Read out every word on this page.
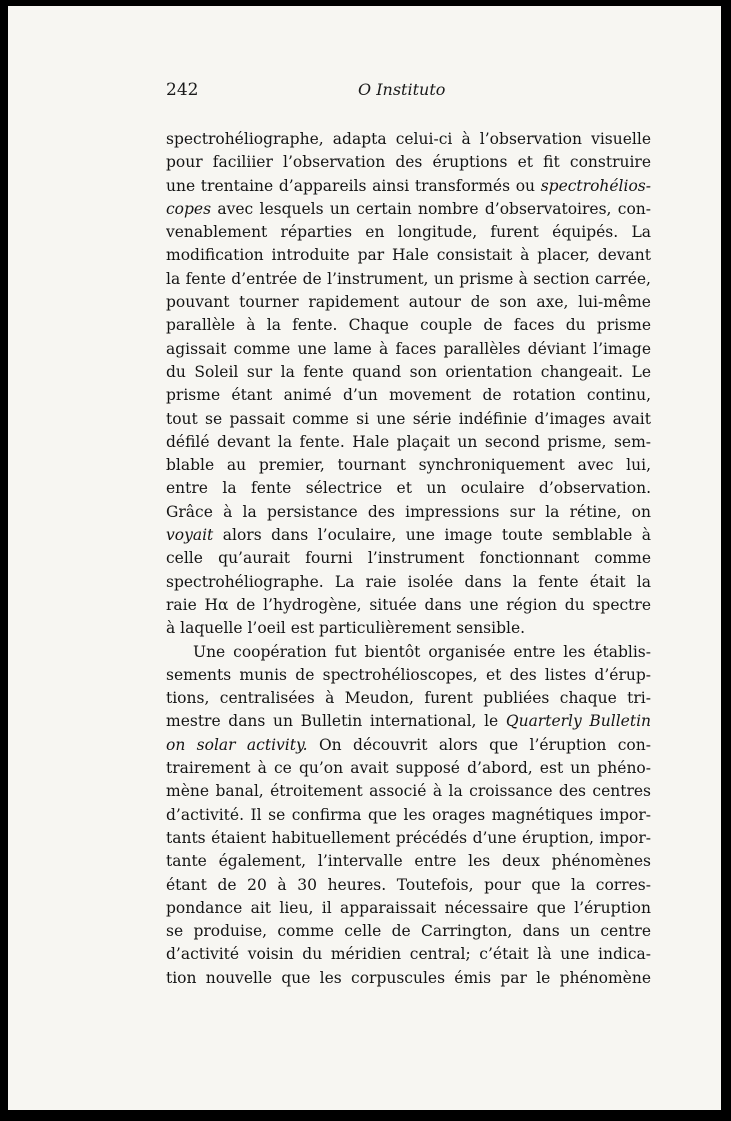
242	O Instituto
spectrohéliographe, adapta celui-ci à l’observation visuelle
pour faciliier l’observation des éruptions et fit construire
une trentaine d’appareils ainsi transformés ou spectrohélios-
copes avec lesquels un certain nombre d’observatoires, con-
venablement réparties en longitude, furent équipés. La
modification introduite par Hale consistait à placer, devant
la fente d’entrée de l’instrument, un prisme à section carrée,
pouvant tourner rapidement autour de son axe, lui-même
parallèle à la fente. Chaque couple de faces du prisme
agissait comme une lame à faces parallèles déviant l’image
du Soleil sur la fente quand son orientation changeait. Le
prisme étant animé d’un movement de rotation continu,
tout se passait comme si une série indéfinie d’images avait
défilé devant la fente. Hale plaçait un second prisme, sem-
blable au premier, tournant synchroniquement avec lui,
entre la fente sélectrice et un oculaire d’observation.
Grâce à la persistance des impressions sur la rétine, on
voyait alors dans l’oculaire, une image toute semblable à
celle qu’aurait fourni l’instrument fonctionnant comme
spectrohéliographe. La raie isolée dans la fente était la
raie Hα de l’hydrogène, située dans une région du spectre
à laquelle l’oeil est particulièrement sensible.
Une coopération fut bientôt organisée entre les établis-
sements munis de spectrohélioscopes, et des listes d’érup-
tions, centralisées à Meudon, furent publiées chaque tri-
mestre dans un Bulletin international, le Quarterly Bulletin
on solar activity. On découvrit alors que l’éruption con-
trairement à ce qu’on avait supposé d’abord, est un phéno-
mène banal, étroitement associé à la croissance des centres
d’activité. Il se confirma que les orages magnétiques impor-
tants étaient habituellement précédés d’une éruption, impor-
tante également, l’intervalle entre les deux phénomènes
étant de 20 à 30 heures. Toutefois, pour que la corres-
pondance ait lieu, il apparaissait nécessaire que l’éruption
se produise, comme celle de Carrington, dans un centre
d’activité voisin du méridien central; c’était là une indica-
tion nouvelle que les corpuscules émis par le phénomène
